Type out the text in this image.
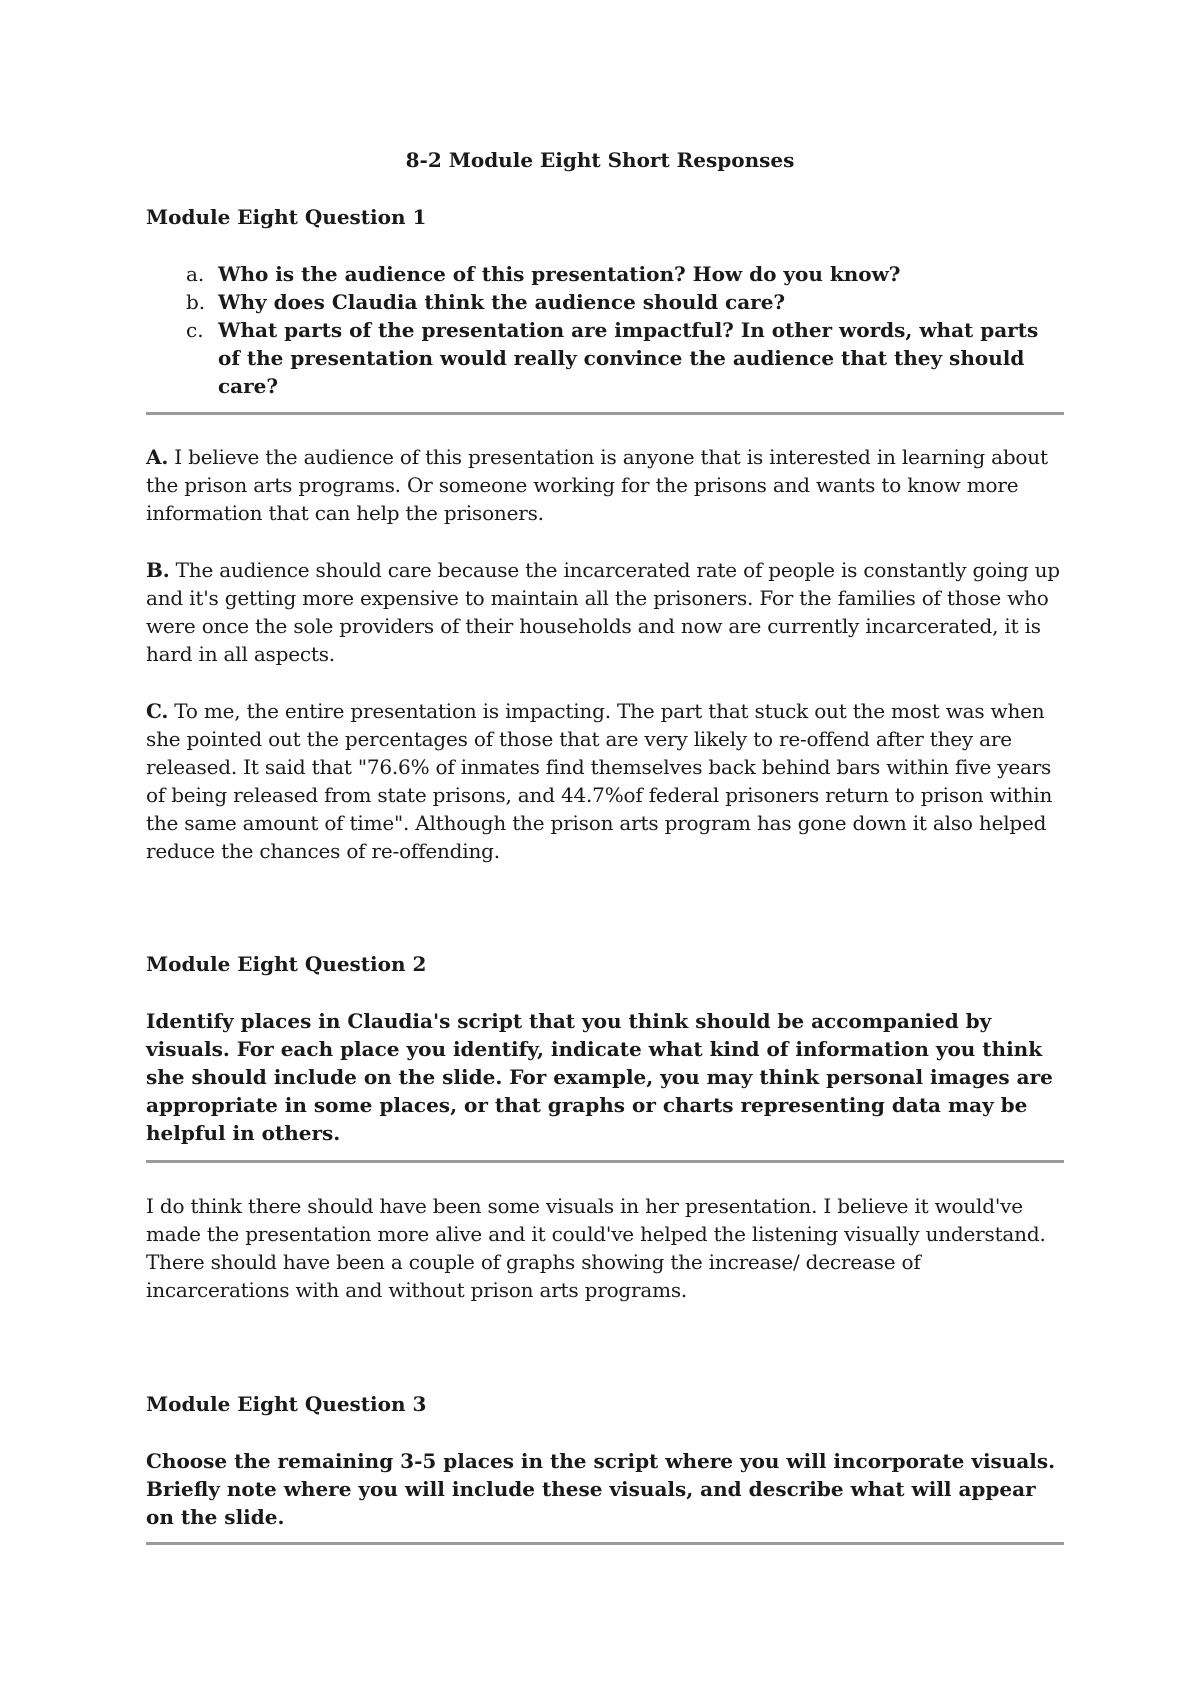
8-2 Module Eight Short Responses
Module Eight Question 1
a. Who is the audience of this presentation? How do you know?
b. Why does Claudia think the audience should care?
c. What parts of the presentation are impactful? In other words, what parts of the presentation would really convince the audience that they should care?

A. I believe the audience of this presentation is anyone that is interested in learning about the prison arts programs. Or someone working for the prisons and wants to know more information that can help the prisoners.

B. The audience should care because the incarcerated rate of people is constantly going up and it's getting more expensive to maintain all the prisoners. For the families of those who were once the sole providers of their households and now are currently incarcerated, it is hard in all aspects.

C. To me, the entire presentation is impacting. The part that stuck out the most was when she pointed out the percentages of those that are very likely to re-offend after they are released. It said that "76.6% of inmates find themselves back behind bars within five years of being released from state prisons, and 44.7%of federal prisoners return to prison within the same amount of time". Although the prison arts program has gone down it also helped reduce the chances of re-offending.

Module Eight Question 2

Identify places in Claudia's script that you think should be accompanied by visuals. For each place you identify, indicate what kind of information you think she should include on the slide. For example, you may think personal images are appropriate in some places, or that graphs or charts representing data may be helpful in others.

I do think there should have been some visuals in her presentation. I believe it would've made the presentation more alive and it could've helped the listening visually understand. There should have been a couple of graphs showing the increase/ decrease of incarcerations with and without prison arts programs.

Module Eight Question 3

Choose the remaining 3-5 places in the script where you will incorporate visuals. Briefly note where you will include these visuals, and describe what will appear on the slide.
